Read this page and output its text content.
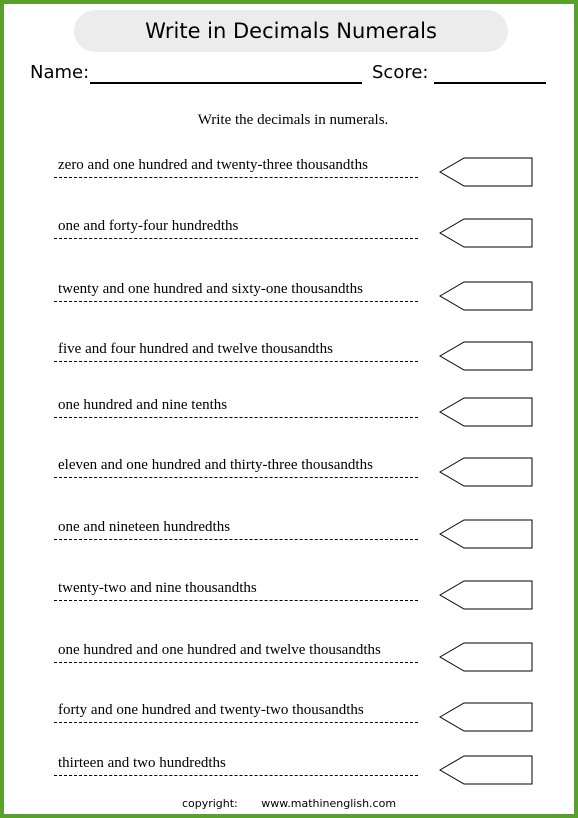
Write in Decimals Numerals
Name:	Score:
Write the decimals in numerals.
zero and one hundred and twenty-three thousandths
one and forty-four hundredths
twenty and one hundred and sixty-one thousandths
five and four hundred and twelve thousandths
one hundred and nine tenths
eleven and one hundred and thirty-three thousandths
one and nineteen hundredths
twenty-two and nine thousandths
one hundred and one hundred and twelve thousandths
forty and one hundred and twenty-two thousandths
thirteen and two hundredths
copyright: www.mathinenglish.com
